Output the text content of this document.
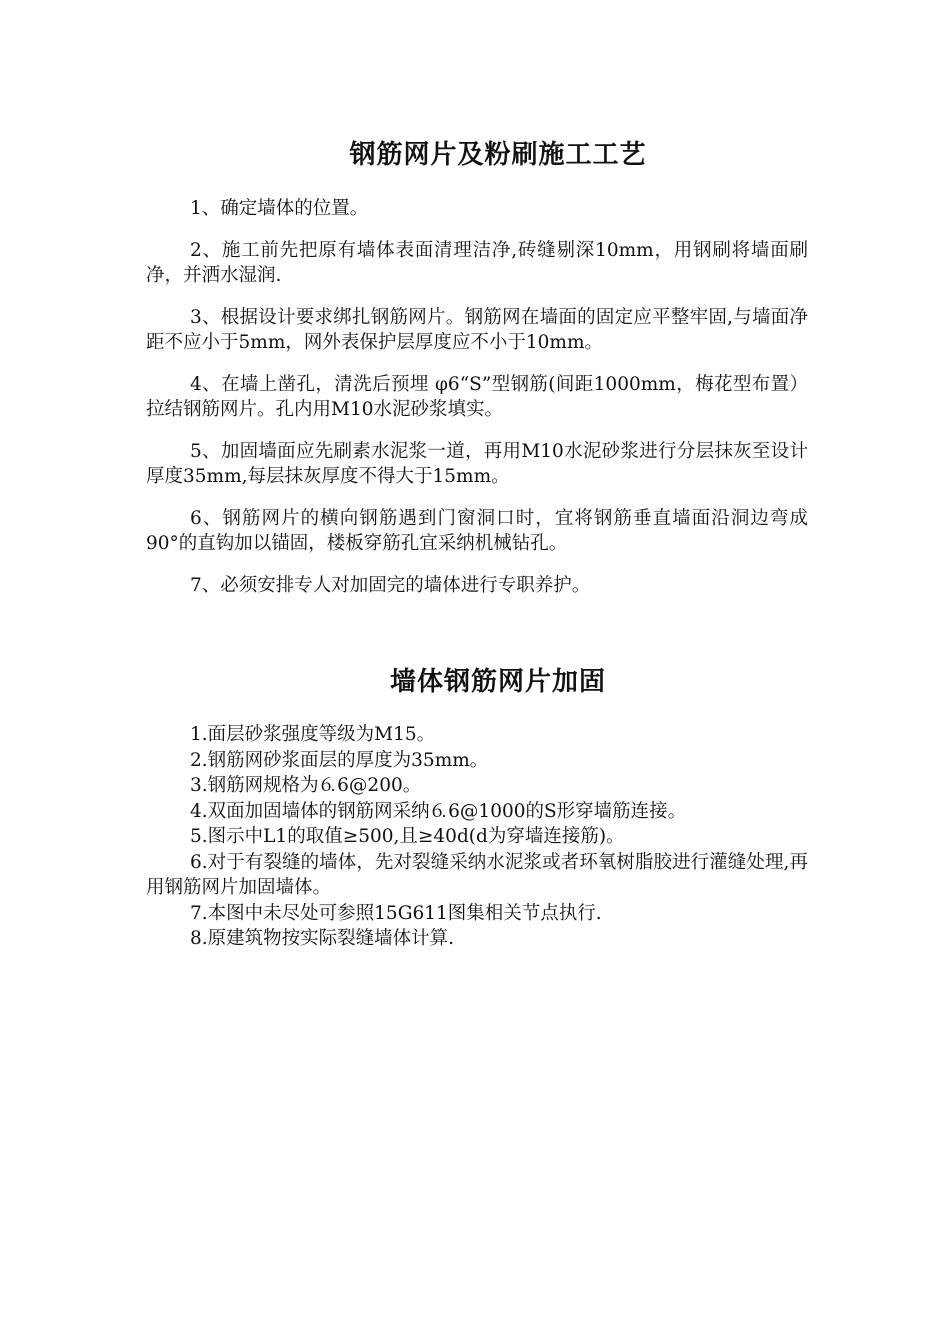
钢筋网片及粉刷施工工艺

1、确定墙体的位置。

2、施工前先把原有墙体表面清理洁净,砖缝剔深10mm，用钢刷将墙面刷净，并洒水湿润.

3、根据设计要求绑扎钢筋网片。钢筋网在墙面的固定应平整牢固,与墙面净距不应小于5mm，网外表保护层厚度应不小于10mm。

4、在墙上凿孔，清洗后预埋 φ6“S”型钢筋(间距1000mm，梅花型布置）拉结钢筋网片。孔内用M10水泥砂浆填实。

5、加固墙面应先刷素水泥浆一道，再用M10水泥砂浆进行分层抹灰至设计厚度35mm,每层抹灰厚度不得大于15mm。

6、钢筋网片的横向钢筋遇到门窗洞口时，宜将钢筋垂直墙面沿洞边弯成90°的直钩加以锚固，楼板穿筋孔宜采纳机械钻孔。

7、必须安排专人对加固完的墙体进行专职养护。

墙体钢筋网片加固

1.面层砂浆强度等级为M15。

2.钢筋网砂浆面层的厚度为35mm。

3.钢筋网规格为⒍6@200。

4.双面加固墙体的钢筋网采纳⒍6@1000的S形穿墙筋连接。

5.图示中L1的取值≥500,且≥40d(d为穿墙连接筋)。

6.对于有裂缝的墙体，先对裂缝采纳水泥浆或者环氧树脂胶进行灌缝处理,再用钢筋网片加固墙体。

7.本图中未尽处可参照15G611图集相关节点执行.

8.原建筑物按实际裂缝墙体计算.
